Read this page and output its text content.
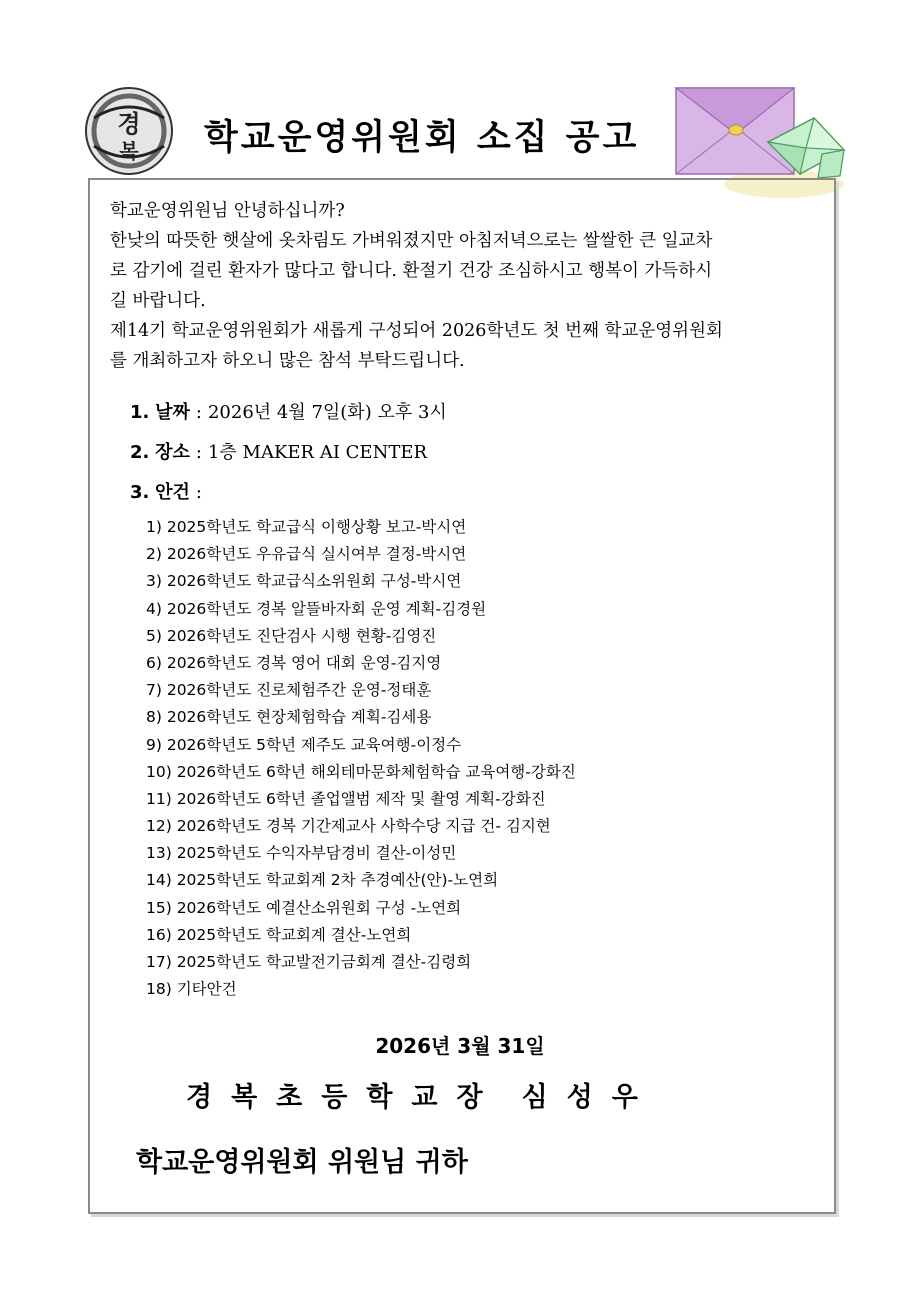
경
복 학교운영위원회 소집 공고

학교운영위원님 안녕하십니까?

한낮의 따뜻한 햇살에 옷차림도 가벼워졌지만 아침저녁으로는 쌀쌀한 큰 일교차

로 감기에 걸린 환자가 많다고 합니다. 환절기 건강 조심하시고 행복이 가득하시

길 바랍니다.

제14기 학교운영위원회가 새롭게 구성되어 2026학년도 첫 번째 학교운영위원회

를 개최하고자 하오니 많은 참석 부탁드립니다.

1. 날짜 : 2026년 4월 7일(화) 오후 3시

2. 장소 : 1층 MAKER AI CENTER

3. 안건 :

1) 2025학년도 학교급식 이행상황 보고-박시연
2) 2026학년도 우유급식 실시여부 결정-박시연
3) 2026학년도 학교급식소위원회 구성-박시연
4) 2026학년도 경복 알뜰바자회 운영 계획-김경원
5) 2026학년도 진단검사 시행 현황-김영진
6) 2026학년도 경복 영어 대회 운영-김지영
7) 2026학년도 진로체험주간 운영-정태훈
8) 2026학년도 현장체험학습 계획-김세용
9) 2026학년도 5학년 제주도 교육여행-이정수
10) 2026학년도 6학년 해외테마문화체험학습 교육여행-강화진
11) 2026학년도 6학년 졸업앨범 제작 및 촬영 계획-강화진
12) 2026학년도 경복 기간제교사 사학수당 지급 건- 김지현
13) 2025학년도 수익자부담경비 결산-이성민
14) 2025학년도 학교회계 2차 추경예산(안)-노연희
15) 2026학년도 예결산소위원회 구성 -노연희
16) 2025학년도 학교회계 결산-노연희
17) 2025학년도 학교발전기금회계 결산-김령희
18) 기타안건

2026년 3월 31일

경복초등학교장 심성우

학교운영위원회 위원님 귀하
